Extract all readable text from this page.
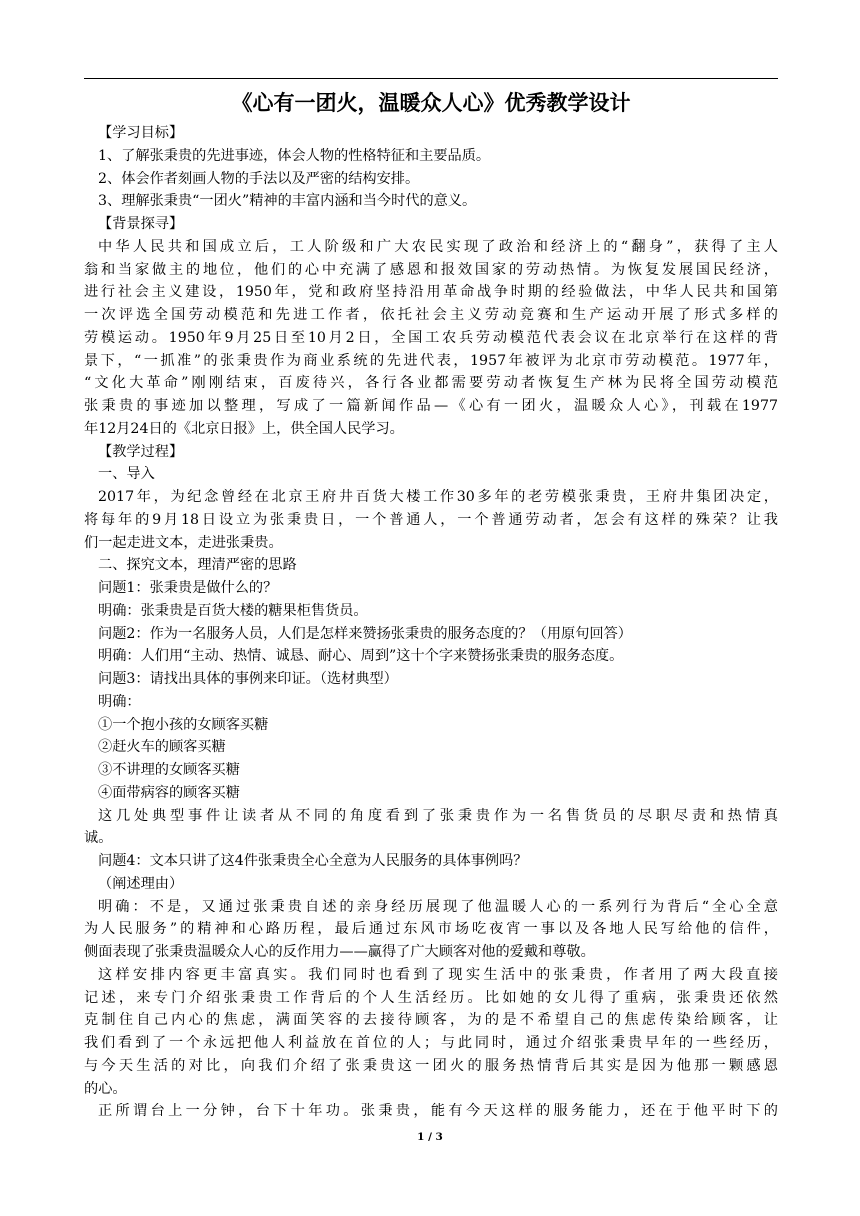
《心有一团火，温暖众人心》优秀教学设计
【学习目标】
1、了解张秉贵的先进事迹，体会人物的性格特征和主要品质。
2、体会作者刻画人物的手法以及严密的结构安排。
3、理解张秉贵“一团火”精神的丰富内涵和当今时代的意义。
【背景探寻】
中华人民共和国成立后，工人阶级和广大农民实现了政治和经济上的“翻身”，获得了主人
翁和当家做主的地位，他们的心中充满了感恩和报效国家的劳动热情。为恢复发展国民经济，
进行社会主义建设，1950年，党和政府坚持沿用革命战争时期的经验做法，中华人民共和国第
一次评选全国劳动模范和先进工作者，依托社会主义劳动竞赛和生产运动开展了形式多样的
劳模运动。1950年9月25日至10月2日，全国工农兵劳动模范代表会议在北京举行在这样的背
景下，“一抓准”的张秉贵作为商业系统的先进代表，1957年被评为北京市劳动模范。1977年，
“文化大革命”刚刚结束，百废待兴，各行各业都需要劳动者恢复生产林为民将全国劳动模范
张秉贵的事迹加以整理，写成了一篇新闻作品—《心有一团火，温暖众人心》，刊载在1977
年12月24日的《北京日报》上，供全国人民学习。
【教学过程】
一、导入
2017年，为纪念曾经在北京王府井百货大楼工作30多年的老劳模张秉贵，王府井集团决定，
将每年的9月18日设立为张秉贵日，一个普通人，一个普通劳动者，怎会有这样的殊荣？让我
们一起走进文本，走进张秉贵。
二、探究文本，理清严密的思路
问题1：张秉贵是做什么的？
明确：张秉贵是百货大楼的糖果柜售货员。
问题2：作为一名服务人员，人们是怎样来赞扬张秉贵的服务态度的？（用原句回答）
明确：人们用“主动、热情、诚恳、耐心、周到”这十个字来赞扬张秉贵的服务态度。
问题3：请找出具体的事例来印证。（选材典型）
明确：
①一个抱小孩的女顾客买糖
②赶火车的顾客买糖
③不讲理的女顾客买糖
④面带病容的顾客买糖
这几处典型事件让读者从不同的角度看到了张秉贵作为一名售货员的尽职尽责和热情真
诚。
问题4：文本只讲了这4件张秉贵全心全意为人民服务的具体事例吗？
（阐述理由）
明确：不是，又通过张秉贵自述的亲身经历展现了他温暖人心的一系列行为背后“全心全意
为人民服务”的精神和心路历程，最后通过东风市场吃夜宵一事以及各地人民写给他的信件，
侧面表现了张秉贵温暖众人心的反作用力——赢得了广大顾客对他的爱戴和尊敬。
这样安排内容更丰富真实。我们同时也看到了现实生活中的张秉贵，作者用了两大段直接
记述，来专门介绍张秉贵工作背后的个人生活经历。比如她的女儿得了重病，张秉贵还依然
克制住自己内心的焦虑，满面笑容的去接待顾客，为的是不希望自己的焦虑传染给顾客，让
我们看到了一个永远把他人利益放在首位的人；与此同时，通过介绍张秉贵早年的一些经历，
与今天生活的对比，向我们介绍了张秉贵这一团火的服务热情背后其实是因为他那一颗感恩
的心。
正所谓台上一分钟，台下十年功。张秉贵，能有今天这样的服务能力，还在于他平时下的
1 / 3
